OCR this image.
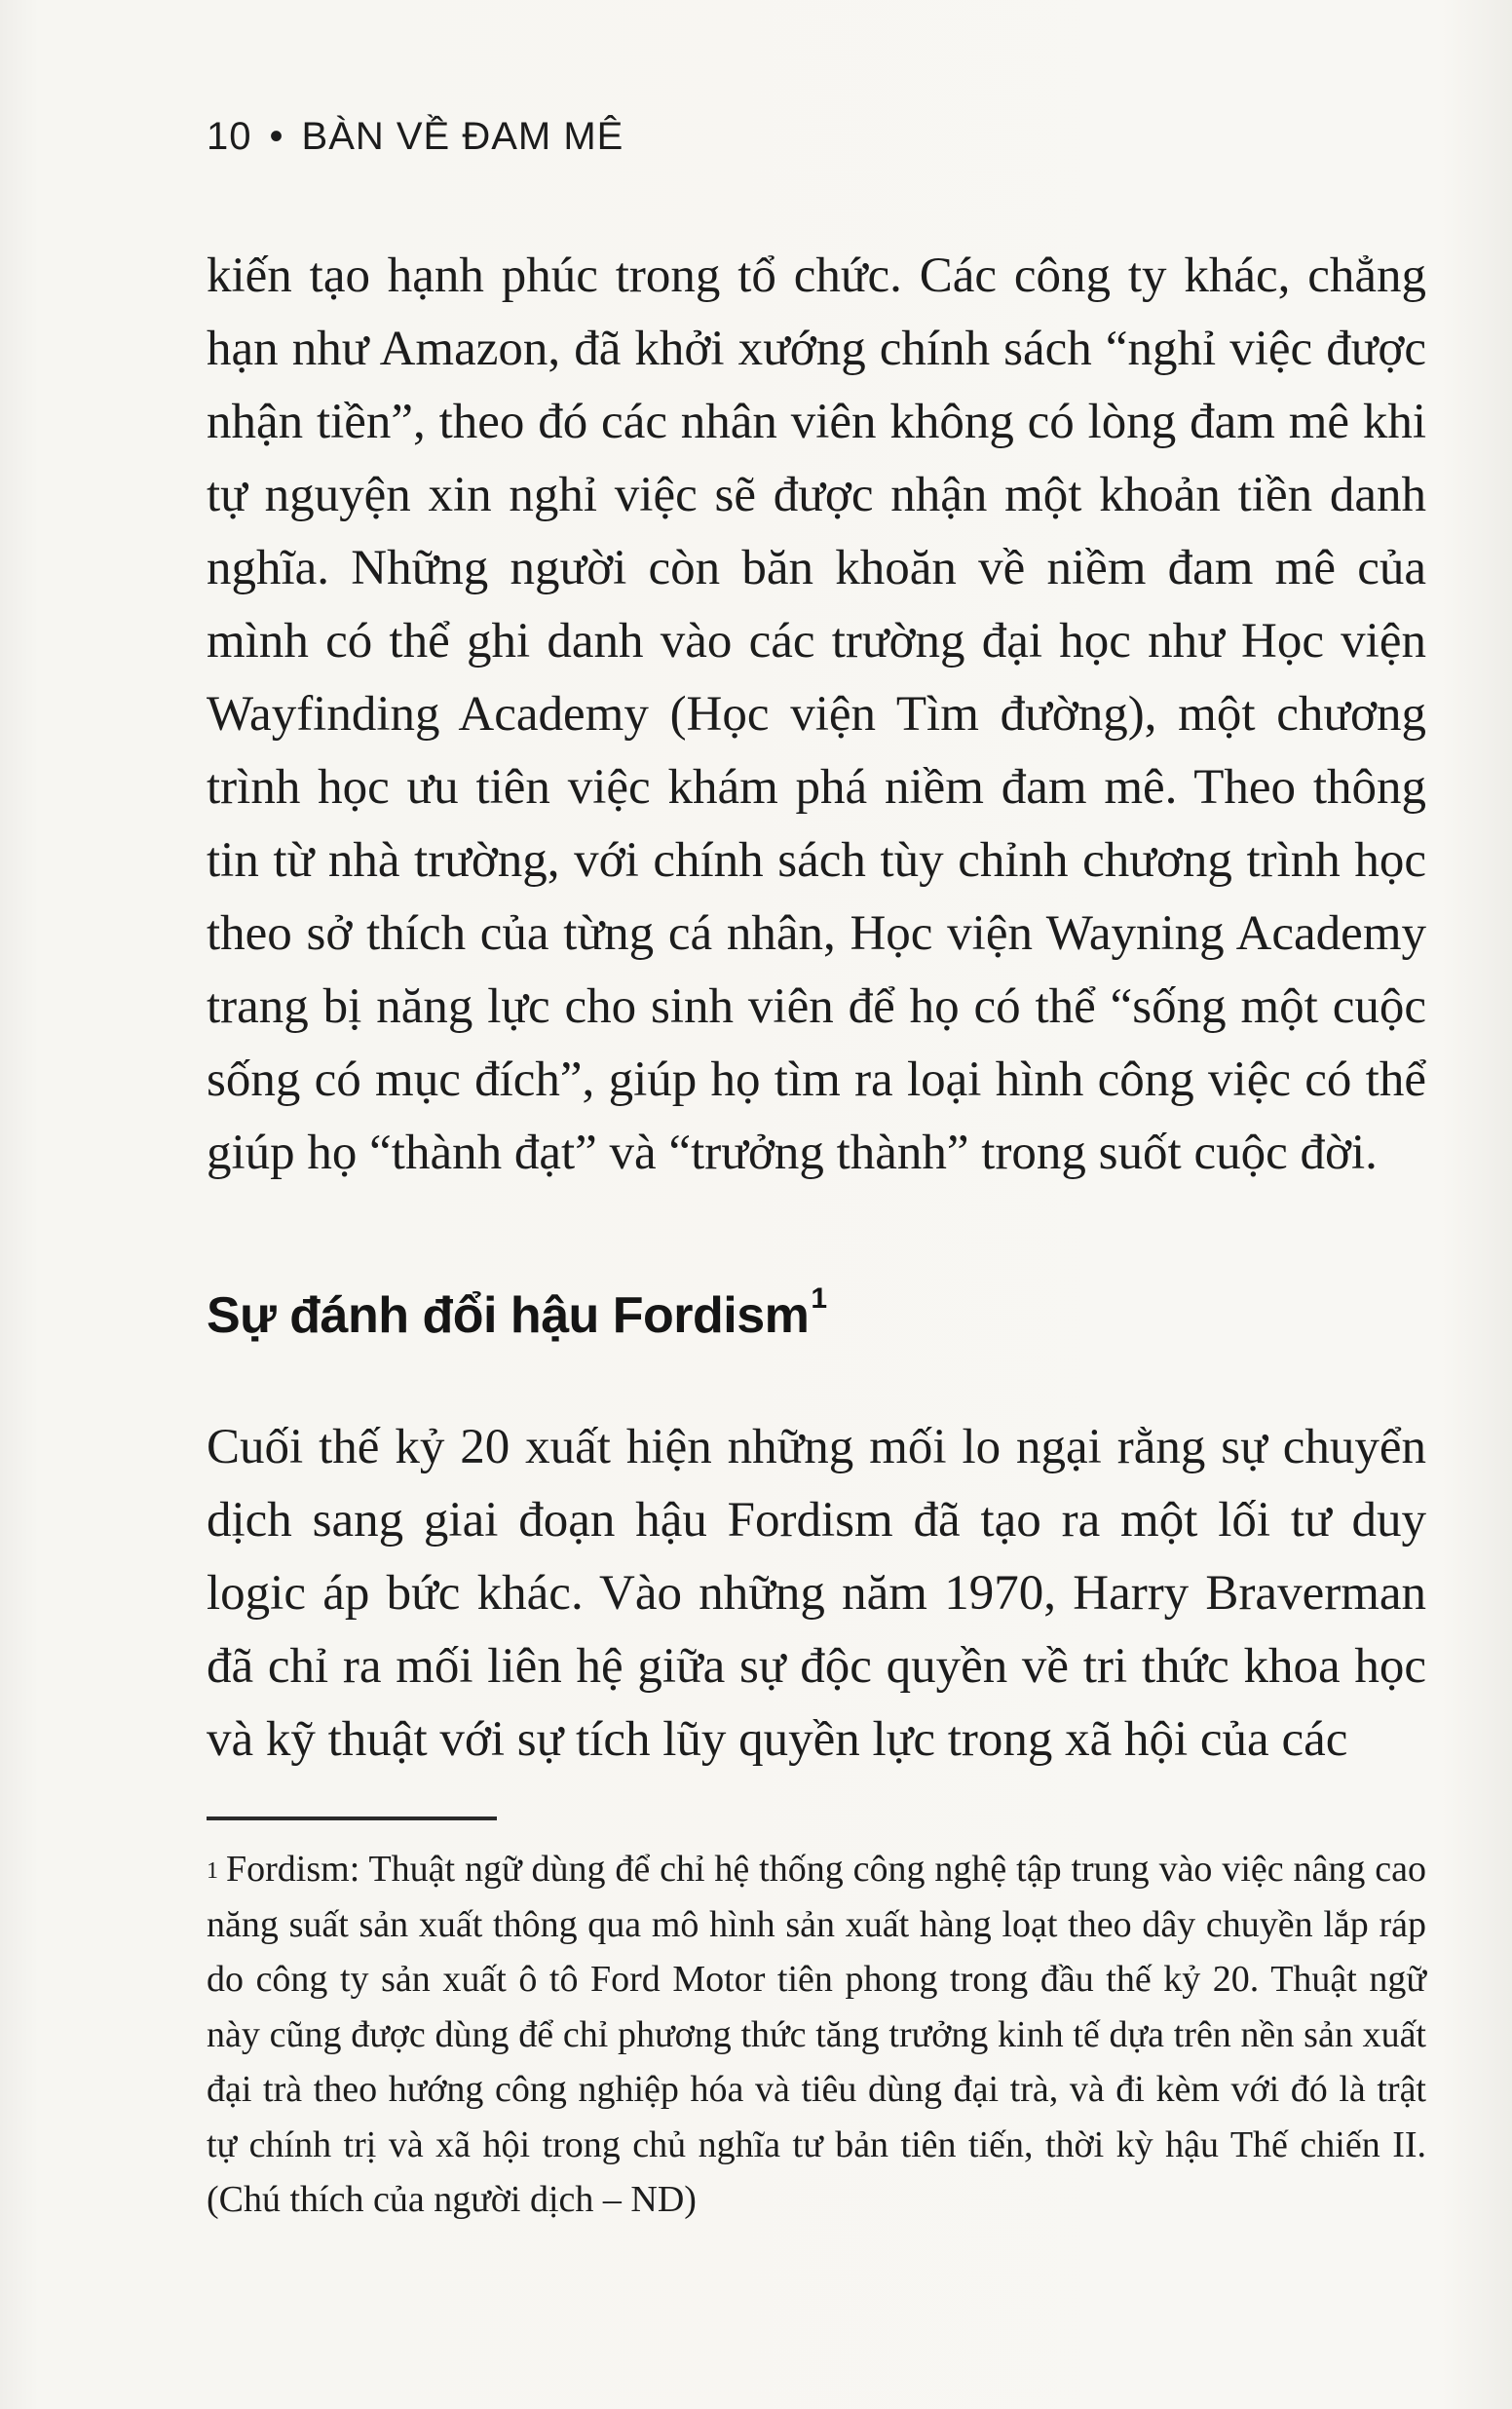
10 • BÀN VỀ ĐAM MÊ

kiến tạo hạnh phúc trong tổ chức. Các công ty khác, chẳng hạn như Amazon, đã khởi xướng chính sách “nghỉ việc được nhận tiền”, theo đó các nhân viên không có lòng đam mê khi tự nguyện xin nghỉ việc sẽ được nhận một khoản tiền danh nghĩa. Những người còn băn khoăn về niềm đam mê của mình có thể ghi danh vào các trường đại học như Học viện Wayfinding Academy (Học viện Tìm đường), một chương trình học ưu tiên việc khám phá niềm đam mê. Theo thông tin từ nhà trường, với chính sách tùy chỉnh chương trình học theo sở thích của từng cá nhân, Học viện Wayning Academy trang bị năng lực cho sinh viên để họ có thể “sống một cuộc sống có mục đích”, giúp họ tìm ra loại hình công việc có thể giúp họ “thành đạt” và “trưởng thành” trong suốt cuộc đời.

Sự đánh đổi hậu Fordism$^1$

Cuối thế kỷ 20 xuất hiện những mối lo ngại rằng sự chuyển dịch sang giai đoạn hậu Fordism đã tạo ra một lối tư duy logic áp bức khác. Vào những năm 1970, Harry Braverman đã chỉ ra mối liên hệ giữa sự độc quyền về tri thức khoa học và kỹ thuật với sự tích lũy quyền lực trong xã hội của các

$^1$ Fordism: Thuật ngữ dùng để chỉ hệ thống công nghệ tập trung vào việc nâng cao năng suất sản xuất thông qua mô hình sản xuất hàng loạt theo dây chuyền lắp ráp do công ty sản xuất ô tô Ford Motor tiên phong trong đầu thế kỷ 20. Thuật ngữ này cũng được dùng để chỉ phương thức tăng trưởng kinh tế dựa trên nền sản xuất đại trà theo hướng công nghiệp hóa và tiêu dùng đại trà, và đi kèm với đó là trật tự chính trị và xã hội trong chủ nghĩa tư bản tiên tiến, thời kỳ hậu Thế chiến II. (Chú thích của người dịch – ND)
